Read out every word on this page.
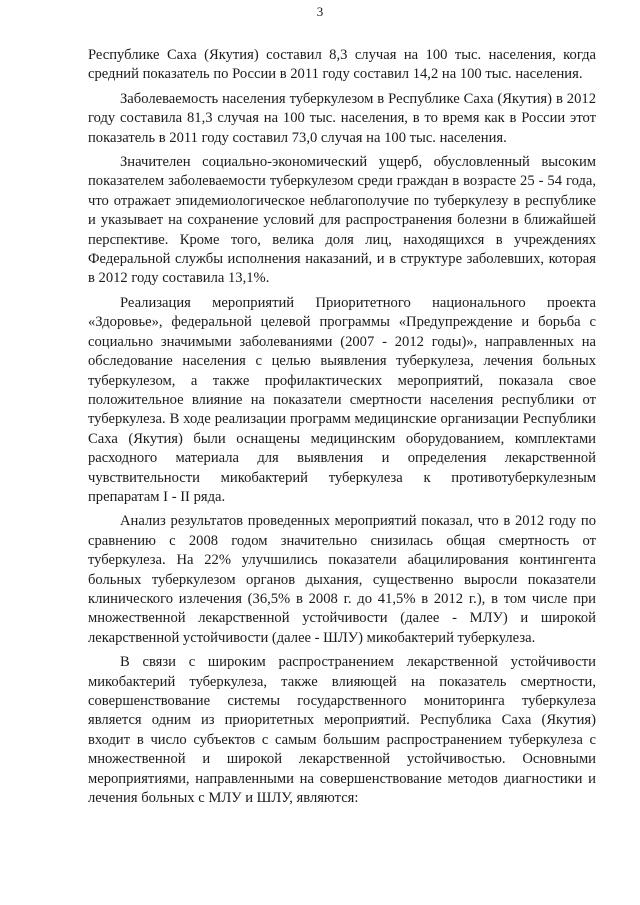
3

Республике Саха (Якутия) составил 8,3 случая на 100 тыс. населения, когда средний показатель по России в 2011 году составил 14,2 на 100 тыс. населения.

Заболеваемость населения туберкулезом в Республике Саха (Якутия) в 2012 году составила 81,3 случая на 100 тыс. населения, в то время как в России этот показатель в 2011 году составил 73,0 случая на 100 тыс. населения.

Значителен социально-экономический ущерб, обусловленный высоким показателем заболеваемости туберкулезом среди граждан в возрасте 25 - 54 года, что отражает эпидемиологическое неблагополучие по туберкулезу в республике и указывает на сохранение условий для распространения болезни в ближайшей перспективе. Кроме того, велика доля лиц, находящихся в учреждениях Федеральной службы исполнения наказаний, и в структуре заболевших, которая в 2012 году составила 13,1%.

Реализация мероприятий Приоритетного национального проекта «Здоровье», федеральной целевой программы «Предупреждение и борьба с социально значимыми заболеваниями (2007 - 2012 годы)», направленных на обследование населения с целью выявления туберкулеза, лечения больных туберкулезом, а также профилактических мероприятий, показала свое положительное влияние на показатели смертности населения республики от туберкулеза. В ходе реализации программ медицинские организации Республики Саха (Якутия) были оснащены медицинским оборудованием, комплектами расходного материала для выявления и определения лекарственной чувствительности микобактерий туберкулеза к противотуберкулезным препаратам I - II ряда.

Анализ результатов проведенных мероприятий показал, что в 2012 году по сравнению с 2008 годом значительно снизилась общая смертность от туберкулеза. На 22% улучшились показатели абацилирования контингента больных туберкулезом органов дыхания, существенно выросли показатели клинического излечения (36,5% в 2008 г. до 41,5% в 2012 г.), в том числе при множественной лекарственной устойчивости (далее - МЛУ) и широкой лекарственной устойчивости (далее - ШЛУ) микобактерий туберкулеза.

В связи с широким распространением лекарственной устойчивости микобактерий туберкулеза, также влияющей на показатель смертности, совершенствование системы государственного мониторинга туберкулеза является одним из приоритетных мероприятий. Республика Саха (Якутия) входит в число субъектов с самым большим распространением туберкулеза с множественной и широкой лекарственной устойчивостью. Основными мероприятиями, направленными на совершенствование методов диагностики и лечения больных с МЛУ и ШЛУ, являются:
